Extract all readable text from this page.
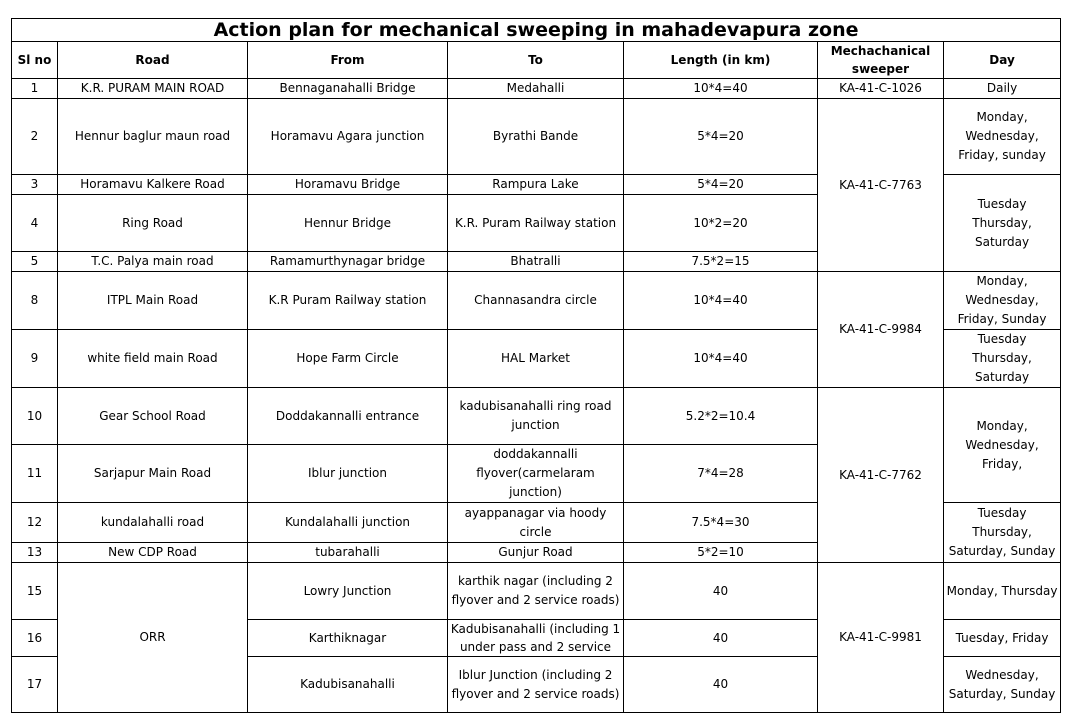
Action plan for mechanical sweeping in mahadevapura zone						
Sl no	Road	From	To	Length (in km)	Mechachanical sweeper	Day
1	K.R. PURAM MAIN ROAD	Bennaganahalli Bridge	Medahalli	10*4=40	KA-41-C-1026	Daily
2	Hennur baglur maun road	Horamavu Agara junction	Byrathi Bande	5*4=20	KA-41-C-7763	Monday, Wednesday, Friday, sunday
3	Horamavu Kalkere Road	Horamavu Bridge	Rampura Lake	5*4=20		Tuesday Thursday, Saturday
4	Ring Road	Hennur Bridge	K.R. Puram Railway station	10*2=20		
5	T.C. Palya main road	Ramamurthynagar bridge	Bhatralli	7.5*2=15		
8	ITPL Main Road	K.R Puram Railway station	Channasandra circle	10*4=40	KA-41-C-9984	Monday, Wednesday, Friday, Sunday
9	white field main Road	Hope Farm Circle	HAL Market	10*4=40		Tuesday Thursday, Saturday
10	Gear School Road	Doddakannalli entrance	kadubisanahalli ring road junction	5.2*2=10.4	KA-41-C-7762	Monday, Wednesday, Friday,
11	Sarjapur Main Road	Iblur junction	doddakannalli flyover(carmelaram junction)	7*4=28		
12	kundalahalli road	Kundalahalli junction	ayappanagar via hoody circle	7.5*4=30		Tuesday Thursday, Saturday, Sunday
13	New CDP Road	tubarahalli	Gunjur Road	5*2=10		
15	ORR	Lowry Junction	karthik nagar (including 2 flyover and 2 service roads)	40	KA-41-C-9981	Monday, Thursday
16		Karthiknagar	Kadubisanahalli (including 1 under pass and 2 service	40		Tuesday, Friday
17		Kadubisanahalli	Iblur Junction (including 2 flyover and 2 service roads)	40		Wednesday, Saturday, Sunday
